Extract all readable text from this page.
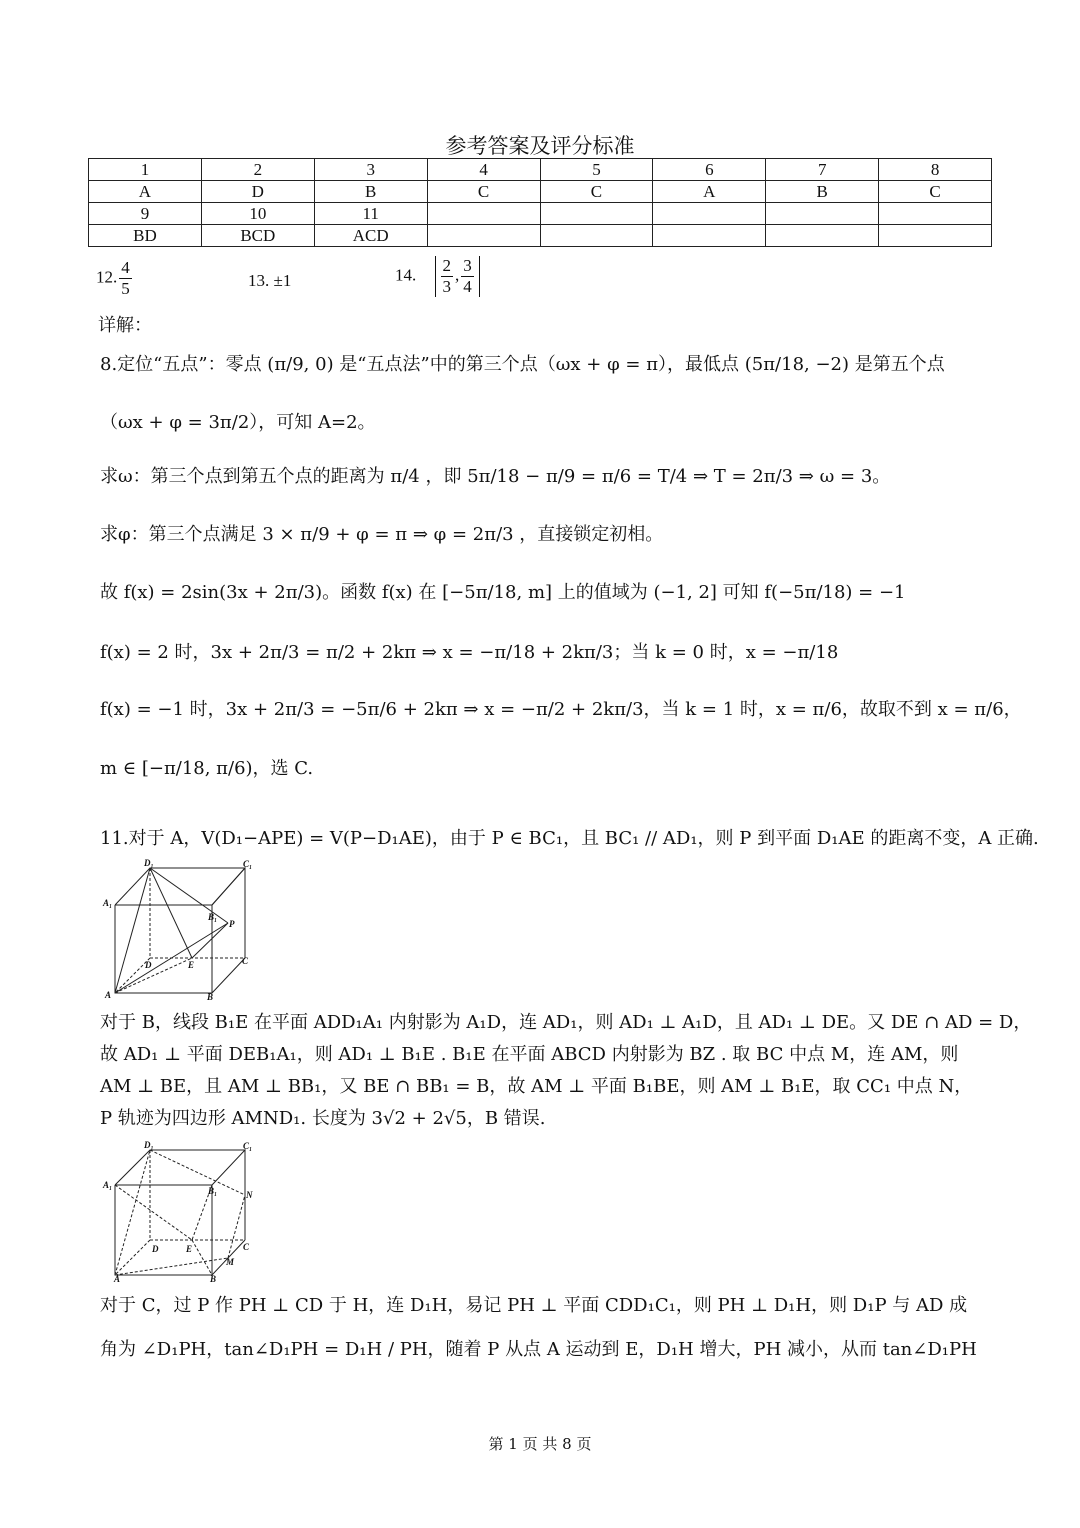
参考答案及评分标准
1	2	3	4	5	6	7	8
A	D	B	C	C	A	B	C
9	10	11					
BD	BCD	ACD					
12. $\frac{4}{5}$	13. ±1	14. $\frac{2}{3}$ , $\frac{3}{4}$
详解：
8.定位“五点”：零点 (π/9, 0) 是“五点法”中的第三个点（ωx + φ = π），最低点 (5π/18, −2) 是第五个点
（ωx + φ = 3π/2），可知 A=2。
求ω：第三个点到第五个点的距离为 π/4 ，即 5π/18 − π/9 = π/6 = T/4 ⇒ T = 2π/3 ⇒ ω = 3。
求φ：第三个点满足 3 × π/9 + φ = π ⇒ φ = 2π/3 ，直接锁定初相。
故 f(x) = 2sin(3x + 2π/3)。函数 f(x) 在 [−5π/18, m] 上的值域为 (−1, 2] 可知 f(−5π/18) = −1
f(x) = 2 时，3x + 2π/3 = π/2 + 2kπ ⇒ x = −π/18 + 2kπ/3；当 k = 0 时，x = −π/18
f(x) = −1 时，3x + 2π/3 = −5π/6 + 2kπ ⇒ x = −π/2 + 2kπ/3，当 k = 1 时，x = π/6，故取不到 x = π/6，
m ∈ [−π/18, π/6)，选 C.
11.对于 A，V(D₁−APE) = V(P−D₁AE)，由于 P ∈ BC₁，且 BC₁ // AD₁，则 P 到平面 D₁AE 的距离不变，A 正确.
D₁	C₁
A₁
B₁
P
D	E	C
A	B
对于 B，线段 B₁E 在平面 ADD₁A₁ 内射影为 A₁D，连 AD₁，则 AD₁ ⊥ A₁D，且 AD₁ ⊥ DE。又 DE ∩ AD = D，
故 AD₁ ⊥ 平面 DEB₁A₁，则 AD₁ ⊥ B₁E . B₁E 在平面 ABCD 内射影为 BZ . 取 BC 中点 M，连 AM，则
AM ⊥ BE，且 AM ⊥ BB₁，又 BE ∩ BB₁ = B，故 AM ⊥ 平面 B₁BE，则 AM ⊥ B₁E，取 CC₁ 中点 N，
P 轨迹为四边形 AMND₁. 长度为 3√2 + 2√5，B 错误.
D₁	C₁
A₁
B₁	N
D	E	C
M
A	B
对于 C，过 P 作 PH ⊥ CD 于 H，连 D₁H，易记 PH ⊥ 平面 CDD₁C₁，则 PH ⊥ D₁H，则 D₁P 与 AD 成
角为 ∠D₁PH，tan∠D₁PH = D₁H / PH，随着 P 从点 A 运动到 E，D₁H 增大，PH 减小，从而 tan∠D₁PH
第 1 页 共 8 页
